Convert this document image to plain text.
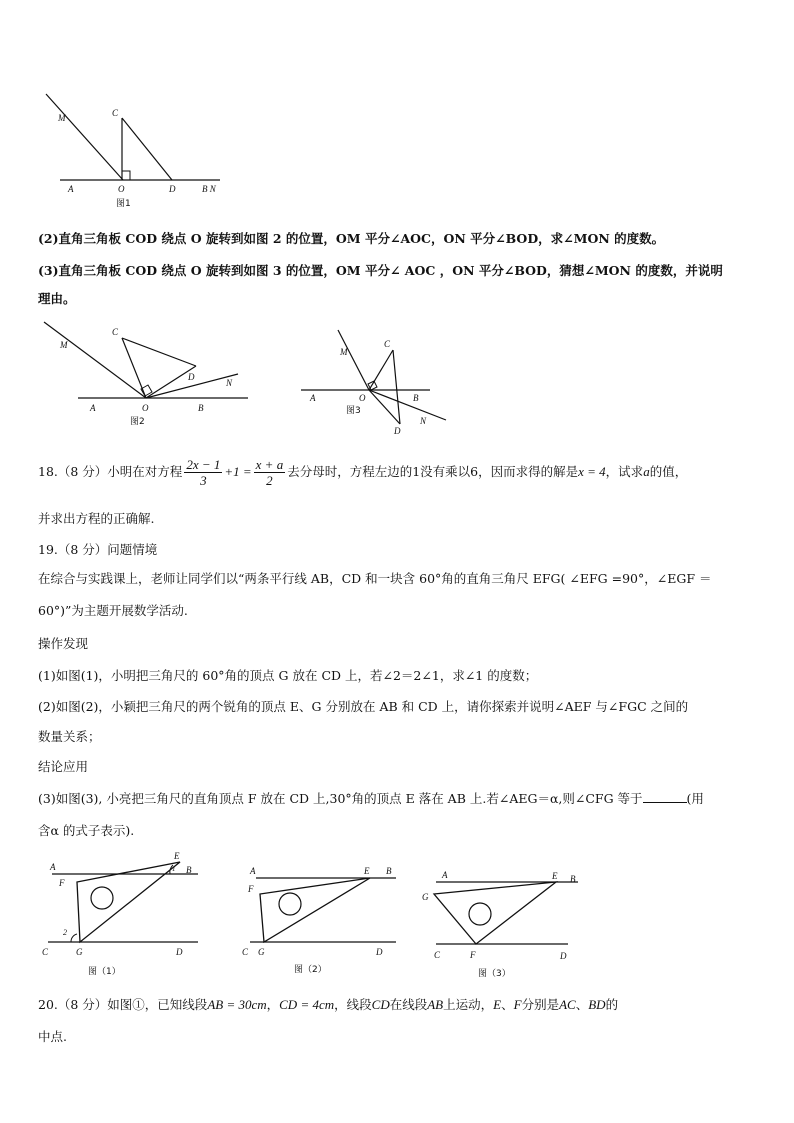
M	C
A	O	D	B N
图1
(2)直角三角板 COD 绕点 O 旋转到如图 2 的位置，OM 平分∠AOC，ON 平分∠BOD，求∠MON 的度数。
(3)直角三角板 COD 绕点 O 旋转到如图 3 的位置，OM 平分∠ AOC ，ON 平分∠BOD，猜想∠MON 的度数，并说明
理由。
M
C
D
N
A	O	B
图2
M
C
A	O	B
图3
D
N
18.（8 分）小明在对方程 $\frac{2x - 1}{3} +1 = \frac{x + a}{2}$ 去分母时，方程左边的1没有乘以6，因而求得的解是x = 4，试求a的值，
并求出方程的正确解.
19.（8 分）问题情境
在综合与实践课上，老师让同学们以“两条平行线 AB，CD 和一块含 60°角的直角三角尺 EFG( ∠EFG =90°，∠EGF ＝
60°)”为主题开展数学活动.
操作发现
(1)如图(1)，小明把三角尺的 60°角的顶点 G 放在 CD 上，若∠2＝2∠1，求∠1 的度数；
(2)如图(2)，小颖把三角尺的两个锐角的顶点 E、G 分别放在 AB 和 CD 上，请你探索并说明∠AEF 与∠FGC 之间的
数量关系；
结论应用
(3)如图(3), 小亮把三角尺的直角顶点 F 放在 CD 上,30°角的顶点 E 落在 AB 上.若∠AEG＝α,则∠CFG 等于	(用
含α 的式子表示).
A	B
E
F
1
2
C	G	D
图（1）
A	E B
F
C G	D
图（2）
A	E B
G
C	F	D
图（3）
20.（8 分）如图①，已知线段AB = 30cm，CD = 4cm，线段CD在线段AB上运动，E、F分别是AC、BD的
中点.
